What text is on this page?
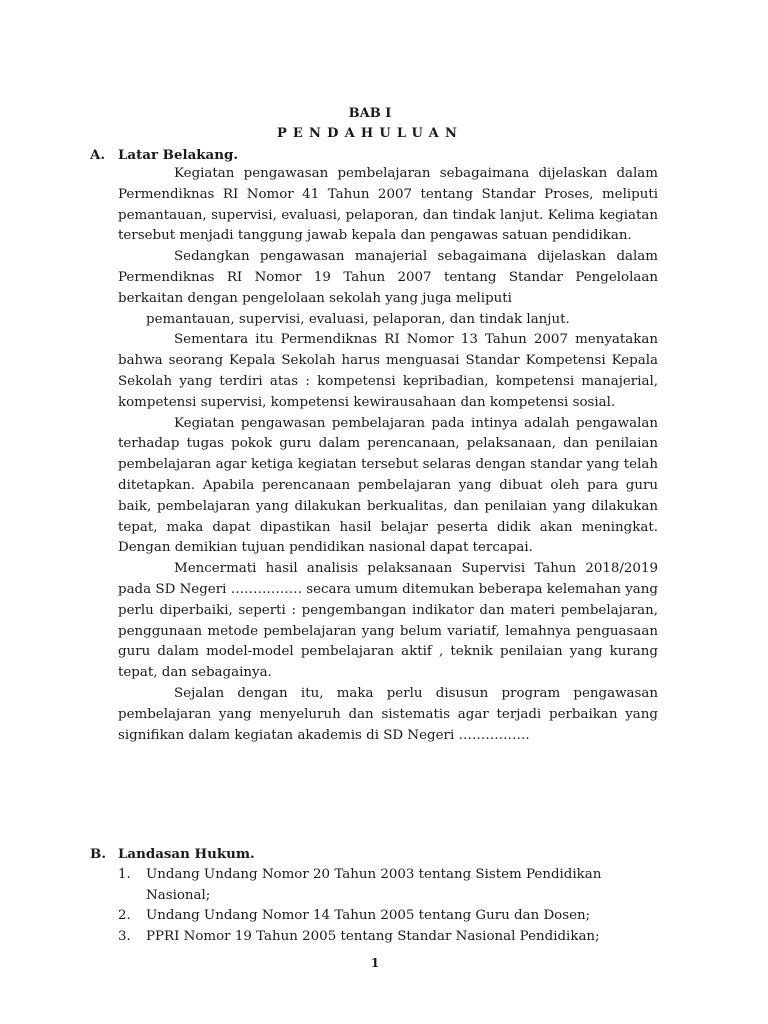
BAB I
PENDAHULUAN
A. Latar Belakang.

Kegiatan pengawasan pembelajaran sebagaimana dijelaskan dalam Permendiknas RI Nomor 41 Tahun 2007 tentang Standar Proses, meliputi pemantauan, supervisi, evaluasi, pelaporan, dan tindak lanjut. Kelima kegiatan tersebut menjadi tanggung jawab kepala dan pengawas satuan pendidikan.

Sedangkan pengawasan manajerial sebagaimana dijelaskan dalam Permendiknas RI Nomor 19 Tahun 2007 tentang Standar Pengelolaan berkaitan dengan pengelolaan sekolah yang juga meliputi

pemantauan, supervisi, evaluasi, pelaporan, dan tindak lanjut.

Sementara itu Permendiknas RI Nomor 13 Tahun 2007 menyatakan bahwa seorang Kepala Sekolah harus menguasai Standar Kompetensi Kepala Sekolah yang terdiri atas : kompetensi kepribadian, kompetensi manajerial, kompetensi supervisi, kompetensi kewirausahaan dan kompetensi sosial.

Kegiatan pengawasan pembelajaran pada intinya adalah pengawalan terhadap tugas pokok guru dalam perencanaan, pelaksanaan, dan penilaian pembelajaran agar ketiga kegiatan tersebut selaras dengan standar yang telah ditetapkan. Apabila perencanaan pembelajaran yang dibuat oleh para guru baik, pembelajaran yang dilakukan berkualitas, dan penilaian yang dilakukan tepat, maka dapat dipastikan hasil belajar peserta didik akan meningkat. Dengan demikian tujuan pendidikan nasional dapat tercapai.

Mencermati hasil analisis pelaksanaan Supervisi Tahun 2018/2019 pada SD Negeri ……………. secara umum ditemukan beberapa kelemahan yang perlu diperbaiki, seperti : pengembangan indikator dan materi pembelajaran, penggunaan metode pembelajaran yang belum variatif, lemahnya penguasaan guru dalam model-model pembelajaran aktif , teknik penilaian yang kurang tepat, dan sebagainya.

Sejalan dengan itu, maka perlu disusun program pengawasan pembelajaran yang menyeluruh dan sistematis agar terjadi perbaikan yang signifikan dalam kegiatan akademis di SD Negeri …………….

B. Landasan Hukum.
1. Undang Undang Nomor 20 Tahun 2003 tentang Sistem Pendidikan Nasional;
2. Undang Undang Nomor 14 Tahun 2005 tentang Guru dan Dosen;
3. PPRI Nomor 19 Tahun 2005 tentang Standar Nasional Pendidikan;
1
